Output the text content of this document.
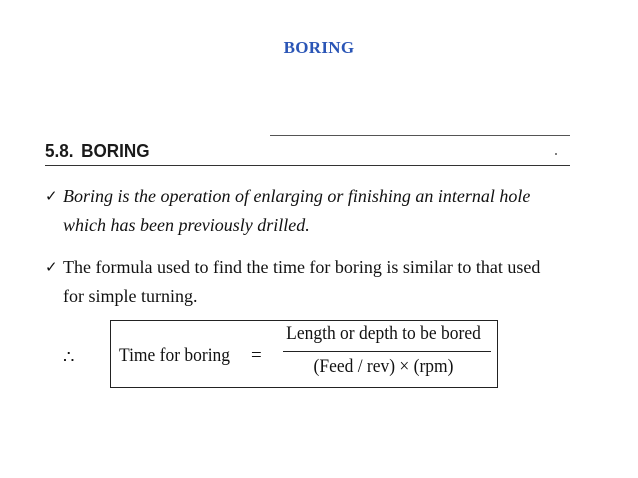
BORING
5.8. BORING
✓ Boring is the operation of enlarging or finishing an internal hole
which has been previously drilled.
✓ The formula used to find the time for boring is similar to that used
for simple turning.
∴ Time for boring =
Length or depth to be bored
(Feed / rev) × (rpm)
